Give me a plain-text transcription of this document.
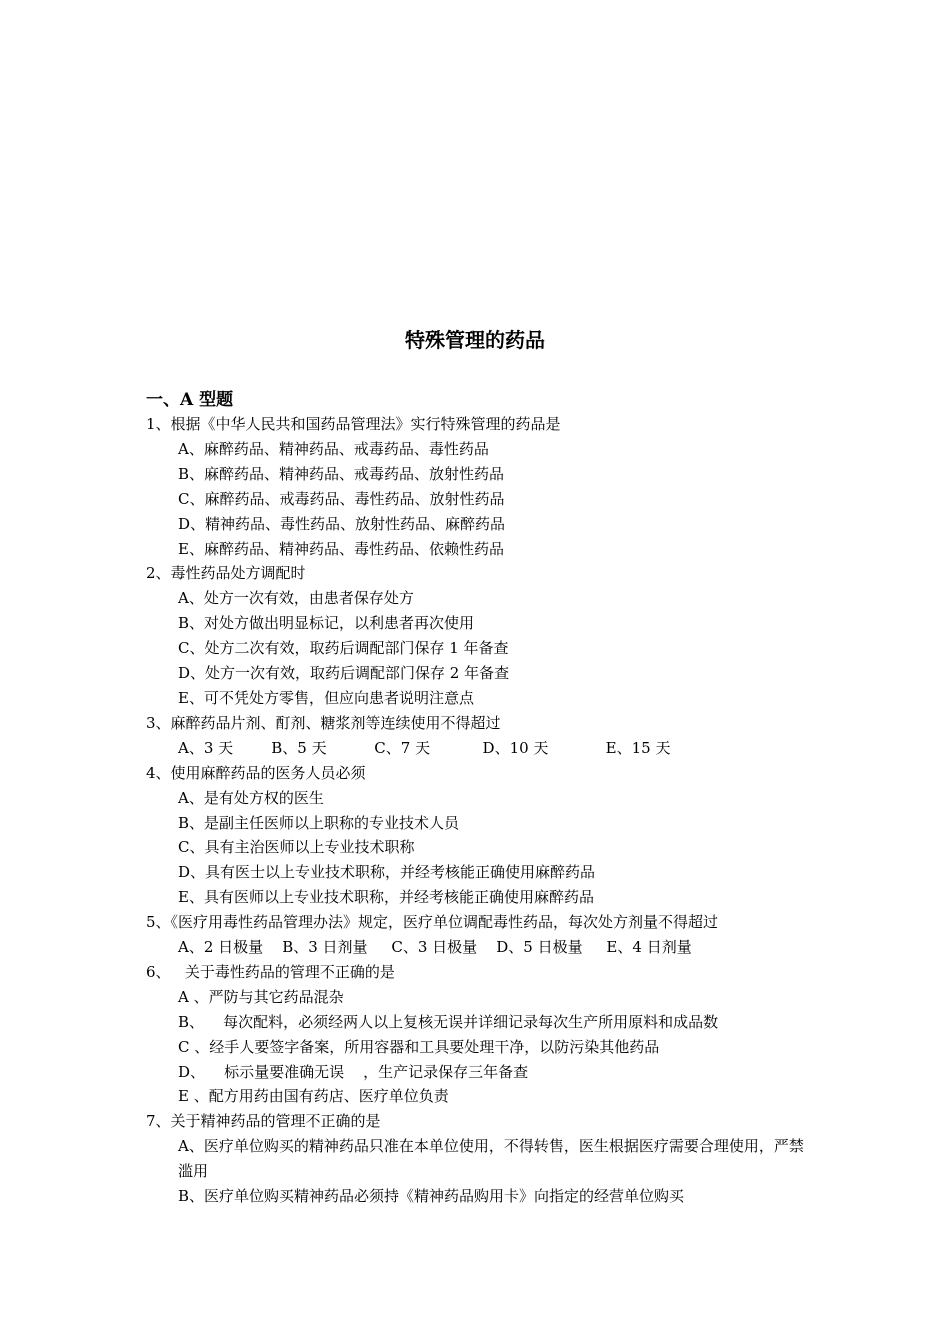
特殊管理的药品
一、A 型题
1、根据《中华人民共和国药品管理法》实行特殊管理的药品是
A、麻醉药品、精神药品、戒毒药品、毒性药品
B、麻醉药品、精神药品、戒毒药品、放射性药品
C、麻醉药品、戒毒药品、毒性药品、放射性药品
D、精神药品、毒性药品、放射性药品、麻醉药品
E、麻醉药品、精神药品、毒性药品、依赖性药品
2、毒性药品处方调配时
A、处方一次有效，由患者保存处方
B、对处方做出明显标记，以利患者再次使用
C、处方二次有效，取药后调配部门保存 1 年备查
D、处方一次有效，取药后调配部门保存 2 年备查
E、可不凭处方零售，但应向患者说明注意点
3、麻醉药品片剂、酊剂、糖浆剂等连续使用不得超过
A、3 天        B、5 天          C、7 天           D、10 天            E、15 天
4、使用麻醉药品的医务人员必须
A、是有处方权的医生
B、是副主任医师以上职称的专业技术人员
C、具有主治医师以上专业技术职称
D、具有医士以上专业技术职称，并经考核能正确使用麻醉药品
E、具有医师以上专业技术职称，并经考核能正确使用麻醉药品
5、《医疗用毒性药品管理办法》规定，医疗单位调配毒性药品，每次处方剂量不得超过
A、2 日极量    B、3 日剂量     C、3 日极量    D、5 日极量     E、4 日剂量
6、   关于毒性药品的管理不正确的是
A 、严防与其它药品混杂
B、    每次配料，必须经两人以上复核无误并详细记录每次生产所用原料和成品数
C 、经手人要签字备案，所用容器和工具要处理干净，以防污染其他药品
D、    标示量要准确无误    ，生产记录保存三年备查
E 、配方用药由国有药店、医疗单位负责
7、关于精神药品的管理不正确的是
A、医疗单位购买的精神药品只准在本单位使用，不得转售，医生根据医疗需要合理使用，严禁滥用
B、医疗单位购买精神药品必须持《精神药品购用卡》向指定的经营单位购买
